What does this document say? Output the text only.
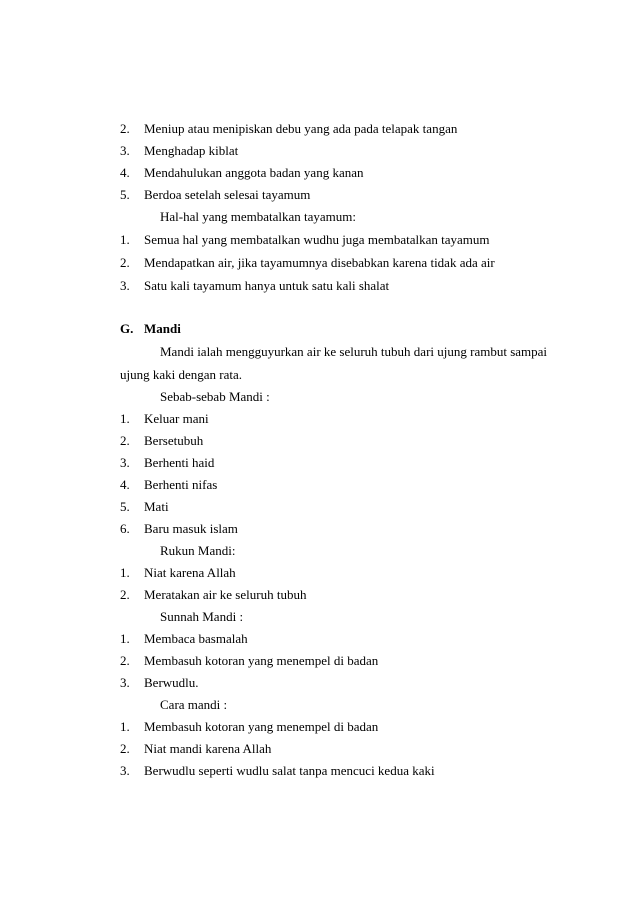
2. Meniup atau menipiskan debu yang ada pada telapak tangan
3. Menghadap kiblat
4. Mendahulukan anggota badan yang kanan
5. Berdoa setelah selesai tayamum
Hal-hal yang membatalkan tayamum:
1. Semua hal yang membatalkan wudhu juga membatalkan tayamum
2. Mendapatkan air, jika tayamumnya disebabkan karena tidak ada air
3. Satu kali tayamum hanya untuk satu kali shalat
G. Mandi
Mandi ialah mengguyurkan air ke seluruh tubuh dari ujung rambut sampai
ujung kaki dengan rata.
Sebab-sebab Mandi :
1. Keluar mani
2. Bersetubuh
3. Berhenti haid
4. Berhenti nifas
5. Mati
6. Baru masuk islam
Rukun Mandi:
1. Niat karena Allah
2. Meratakan air ke seluruh tubuh
Sunnah Mandi :
1. Membaca basmalah
2. Membasuh kotoran yang menempel di badan
3. Berwudlu.
Cara mandi :
1. Membasuh kotoran yang menempel di badan
2. Niat mandi karena Allah
3. Berwudlu seperti wudlu salat tanpa mencuci kedua kaki
